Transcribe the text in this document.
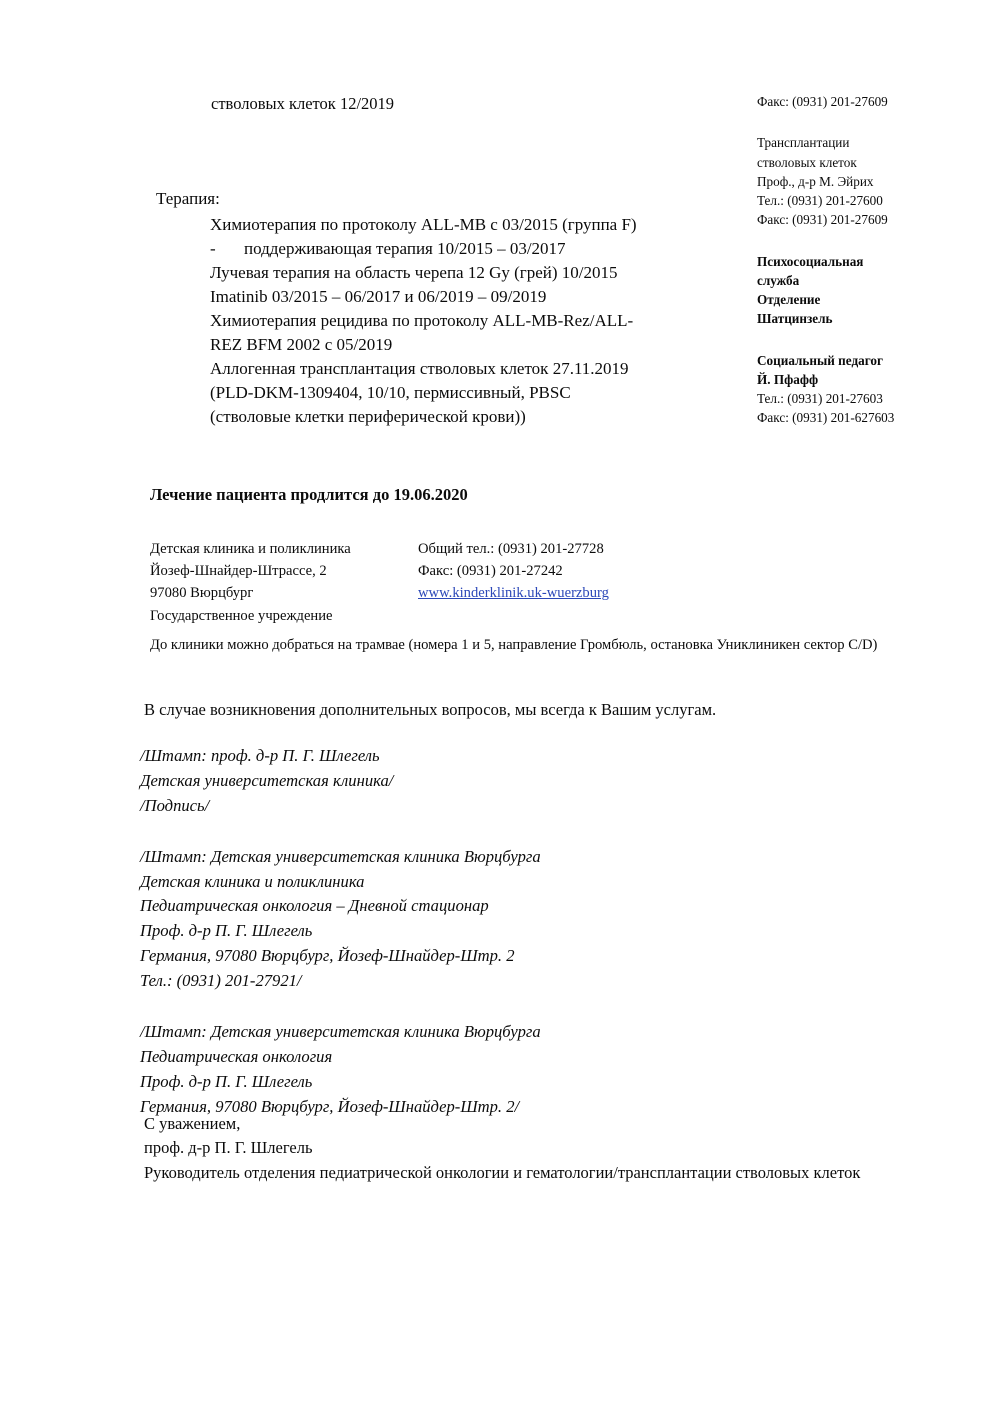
стволовых клеток 12/2019	Факс: (0931) 201-27609
Трансплантации
стволовых клеток
Проф., д-р М. Эйрих
Тел.: (0931) 201-27600
Факс: (0931) 201-27609
Психосоциальная
служба
Отделение
Шатцинзель
Социальный педагог
Й. Пфафф
Тел.: (0931) 201-27603
Факс: (0931) 201-627603
Терапия:
Химиотерапия по протоколу ALL-MB с 03/2015 (группа F)
-	поддерживающая терапия 10/2015 – 03/2017
Лучевая терапия на область черепа 12 Gy (грей) 10/2015
Imatinib 03/2015 – 06/2017 и 06/2019 – 09/2019
Химиотерапия рецидива по протоколу ALL-MB-Rez/ALL-
REZ BFM 2002 с 05/2019
Аллогенная трансплантация стволовых клеток 27.11.2019
(PLD-DKM-1309404, 10/10, пермиссивный, PBSC
(стволовые клетки периферической крови))
Лечение пациента продлится до 19.06.2020
Детская клиника и поликлиника
Йозеф-Шнайдер-Штрассе, 2
97080 Вюрцбург
Государственное учреждение
Общий тел.: (0931) 201-27728
Факс: (0931) 201-27242
www.kinderklinik.uk-wuerzburg
До клиники можно добраться на трамвае (номера 1 и 5, направление Громбюль, остановка Униклиникен сектор C/D)
В случае возникновения дополнительных вопросов, мы всегда к Вашим услугам.
/Штамп: проф. д-р П. Г. Шлегель
Детская университетская клиника/
/Подпись/
/Штамп: Детская университетская клиника Вюрцбурга
Детская клиника и поликлиника
Педиатрическая онкология – Дневной стационар
Проф. д-р П. Г. Шлегель
Германия, 97080 Вюрцбург, Йозеф-Шнайдер-Штр. 2
Тел.: (0931) 201-27921/
/Штамп: Детская университетская клиника Вюрцбурга
Педиатрическая онкология
Проф. д-р П. Г. Шлегель
Германия, 97080 Вюрцбург, Йозеф-Шнайдер-Штр. 2/
С уважением,
проф. д-р П. Г. Шлегель
Руководитель отделения педиатрической онкологии и гематологии/трансплантации стволовых клеток
